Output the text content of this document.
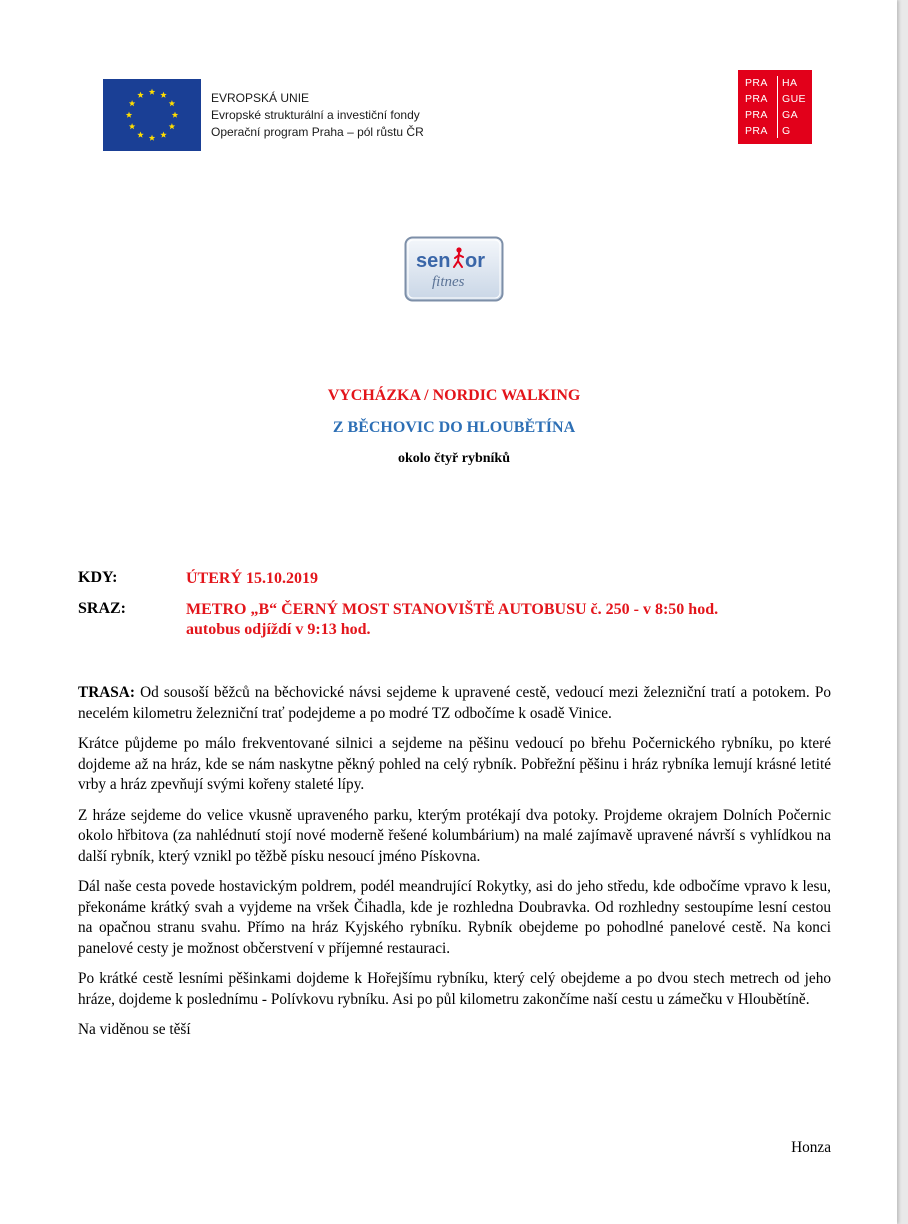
EVROPSKÁ UNIE
Evropské strukturální a investiční fondy
Operační program Praha – pól růstu ČR
PRA
PRA
PRA
PRA
HA
GUE
GA
G
sen or
fitnes
VYCHÁZKA / NORDIC WALKING
Z BĚCHOVIC DO HLOUBĚTÍNA
okolo čtyř rybníků
KDY:	ÚTERÝ 15.10.2019
SRAZ:	METRO „B“ ČERNÝ MOST STANOVIŠTĚ AUTOBUSU č. 250 - v 8:50 hod.
autobus odjíždí v 9:13 hod.

TRASA: Od sousoší běžců na běchovické návsi sejdeme k upravené cestě, vedoucí mezi železniční tratí a potokem. Po necelém kilometru železniční trať podejdeme a po modré TZ odbočíme k osadě Vinice.

Krátce půjdeme po málo frekventované silnici a sejdeme na pěšinu vedoucí po břehu Počernického rybníku, po které dojdeme až na hráz, kde se nám naskytne pěkný pohled na celý rybník. Pobřežní pěšinu i hráz rybníka lemují krásné letité vrby a hráz zpevňují svými kořeny staleté lípy.

Z hráze sejdeme do velice vkusně upraveného parku, kterým protékají dva potoky. Projdeme okrajem Dolních Počernic okolo hřbitova (za nahlédnutí stojí nové moderně řešené kolumbárium) na malé zajímavě upravené návrší s vyhlídkou na další rybník, který vznikl po těžbě písku nesoucí jméno Pískovna.

Dál naše cesta povede hostavickým poldrem, podél meandrující Rokytky, asi do jeho středu, kde odbočíme vpravo k lesu, překonáme krátký svah a vyjdeme na vršek Čihadla, kde je rozhledna Doubravka. Od rozhledny sestoupíme lesní cestou na opačnou stranu svahu. Přímo na hráz Kyjského rybníku. Rybník obejdeme po pohodlné panelové cestě. Na konci panelové cesty je možnost občerstvení v příjemné restauraci.

Po krátké cestě lesními pěšinkami dojdeme k Hořejšímu rybníku, který celý obejdeme a po dvou stech metrech od jeho hráze, dojdeme k poslednímu - Polívkovu rybníku. Asi po půl kilometru zakončíme naší cestu u zámečku v Hloubětíně.

Na viděnou se těší

Honza
